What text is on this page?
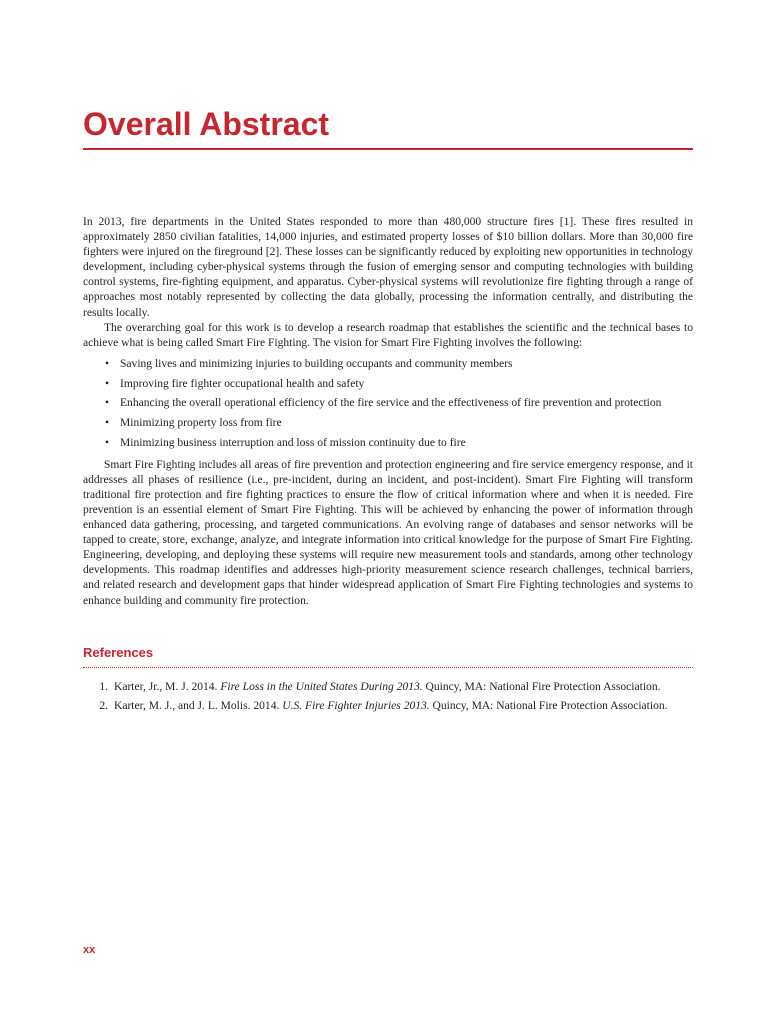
Overall Abstract

In 2013, fire departments in the United States responded to more than 480,000 structure fires [1]. These fires resulted in approximately 2850 civilian fatalities, 14,000 injuries, and estimated property losses of $10 billion dollars. More than 30,000 fire fighters were injured on the fireground [2]. These losses can be significantly reduced by exploiting new opportunities in technology development, including cyber-physical systems through the fusion of emerging sensor and computing technologies with building control systems, fire-fighting equipment, and apparatus. Cyber-physical systems will revolutionize fire fighting through a range of approaches most notably represented by collecting the data globally, processing the information centrally, and distributing the results locally.

The overarching goal for this work is to develop a research roadmap that establishes the scientific and the technical bases to achieve what is being called Smart Fire Fighting. The vision for Smart Fire Fighting involves the following:

• Saving lives and minimizing injuries to building occupants and community members
• Improving fire fighter occupational health and safety
• Enhancing the overall operational efficiency of the fire service and the effectiveness of fire prevention and protection
• Minimizing property loss from fire
• Minimizing business interruption and loss of mission continuity due to fire

Smart Fire Fighting includes all areas of fire prevention and protection engineering and fire service emergency response, and it addresses all phases of resilience (i.e., pre-incident, during an incident, and post-incident). Smart Fire Fighting will transform traditional fire protection and fire fighting practices to ensure the flow of critical information where and when it is needed. Fire prevention is an essential element of Smart Fire Fighting. This will be achieved by enhancing the power of information through enhanced data gathering, processing, and targeted communications. An evolving range of databases and sensor networks will be tapped to create, store, exchange, analyze, and integrate information into critical knowledge for the purpose of Smart Fire Fighting. Engineering, developing, and deploying these systems will require new measurement tools and standards, among other technology developments. This roadmap identifies and addresses high-priority measurement science research challenges, technical barriers, and related research and development gaps that hinder widespread application of Smart Fire Fighting technologies and systems to enhance building and community fire protection.

References
1. Karter, Jr., M. J. 2014. Fire Loss in the United States During 2013. Quincy, MA: National Fire Protection Association.
2. Karter, M. J., and J. L. Molis. 2014. U.S. Fire Fighter Injuries 2013. Quincy, MA: National Fire Protection Association.
xx
